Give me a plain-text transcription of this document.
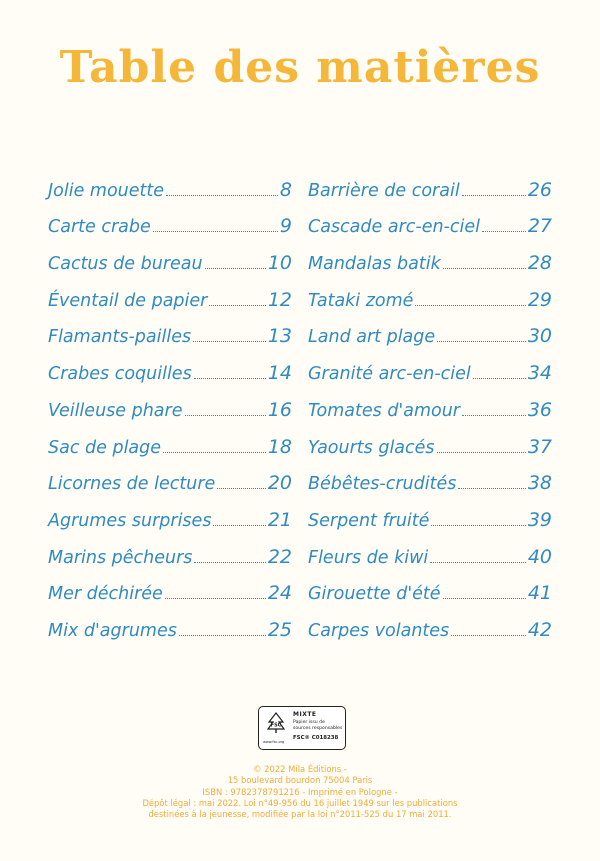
Table des matières
Jolie mouette	8
Carte crabe	9
Cactus de bureau	10
Éventail de papier	12
Flamants-pailles	13
Crabes coquilles	14
Veilleuse phare	16
Sac de plage	18
Licornes de lecture	20
Agrumes surprises	21
Marins pêcheurs	22
Mer déchirée	24
Mix d'agrumes	25
Barrière de corail	26
Cascade arc-en-ciel	27
Mandalas batik	28
Tataki zomé	29
Land art plage	30
Granité arc-en-ciel	34
Tomates d'amour	36
Yaourts glacés	37
Bébêtes-crudités	38
Serpent fruité	39
Fleurs de kiwi	40
Girouette d'été	41
Carpes volantes	42
FSC
MIXTE
Papier issu de
sources responsables
FSC® C018238
www.fsc.org
© 2022 Mila Éditions -
15 boulevard bourdon 75004 Paris
ISBN : 9782378791216 - Imprimé en Pologne -
Dépôt légal : mai 2022. Loi n°49-956 du 16 juillet 1949 sur les publications
destinées à la jeunesse, modifiée par la loi n°2011-525 du 17 mai 2011.
